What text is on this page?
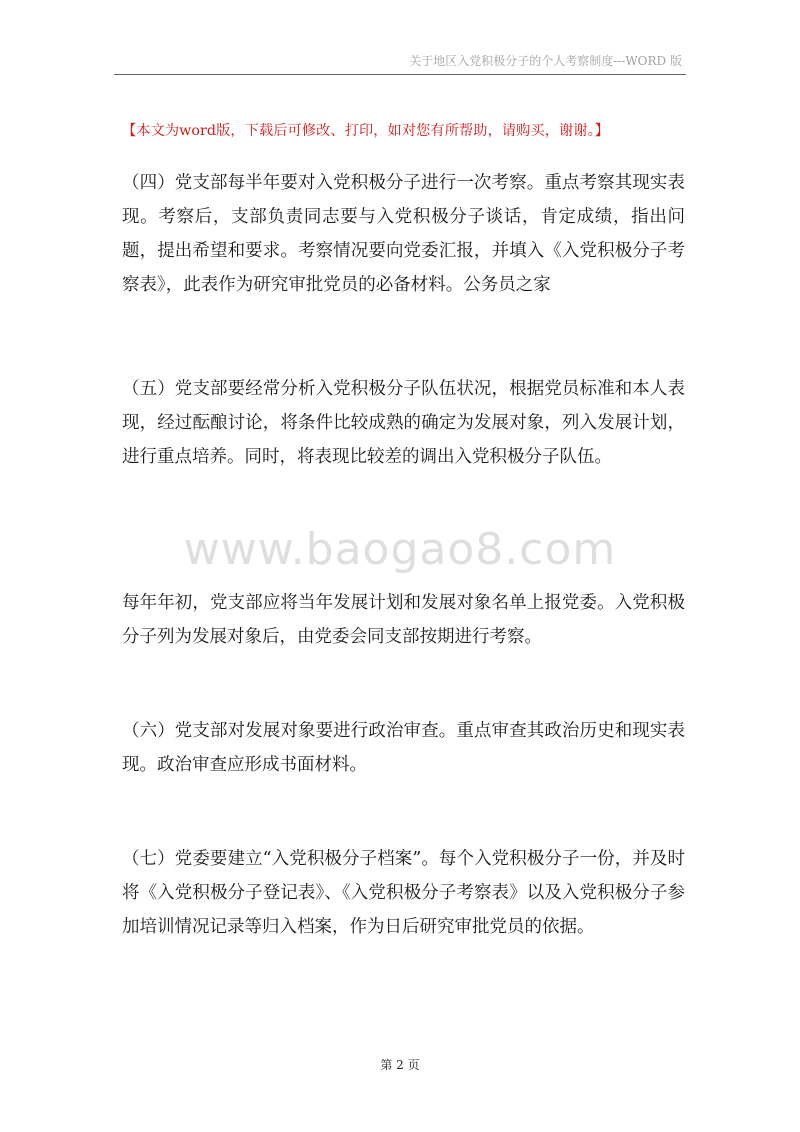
关于地区入党积极分子的个人考察制度---WORD 版
【本文为word版，下载后可修改、打印，如对您有所帮助，请购买，谢谢。】
（四）党支部每半年要对入党积极分子进行一次考察。重点考察其现实表现。考察后，支部负责同志要与入党积极分子谈话，肯定成绩，指出问题，提出希望和要求。考察情况要向党委汇报，并填入《入党积极分子考察表》，此表作为研究审批党员的必备材料。公务员之家
（五）党支部要经常分析入党积极分子队伍状况，根据党员标准和本人表现，经过酝酿讨论，将条件比较成熟的确定为发展对象，列入发展计划，进行重点培养。同时，将表现比较差的调出入党积极分子队伍。
www.baogao8.com
每年年初，党支部应将当年发展计划和发展对象名单上报党委。入党积极分子列为发展对象后，由党委会同支部按期进行考察。
（六）党支部对发展对象要进行政治审查。重点审查其政治历史和现实表现。政治审查应形成书面材料。
（七）党委要建立“入党积极分子档案”。每个入党积极分子一份，并及时将《入党积极分子登记表》、《入党积极分子考察表》以及入党积极分子参加培训情况记录等归入档案，作为日后研究审批党员的依据。
第 2 页
